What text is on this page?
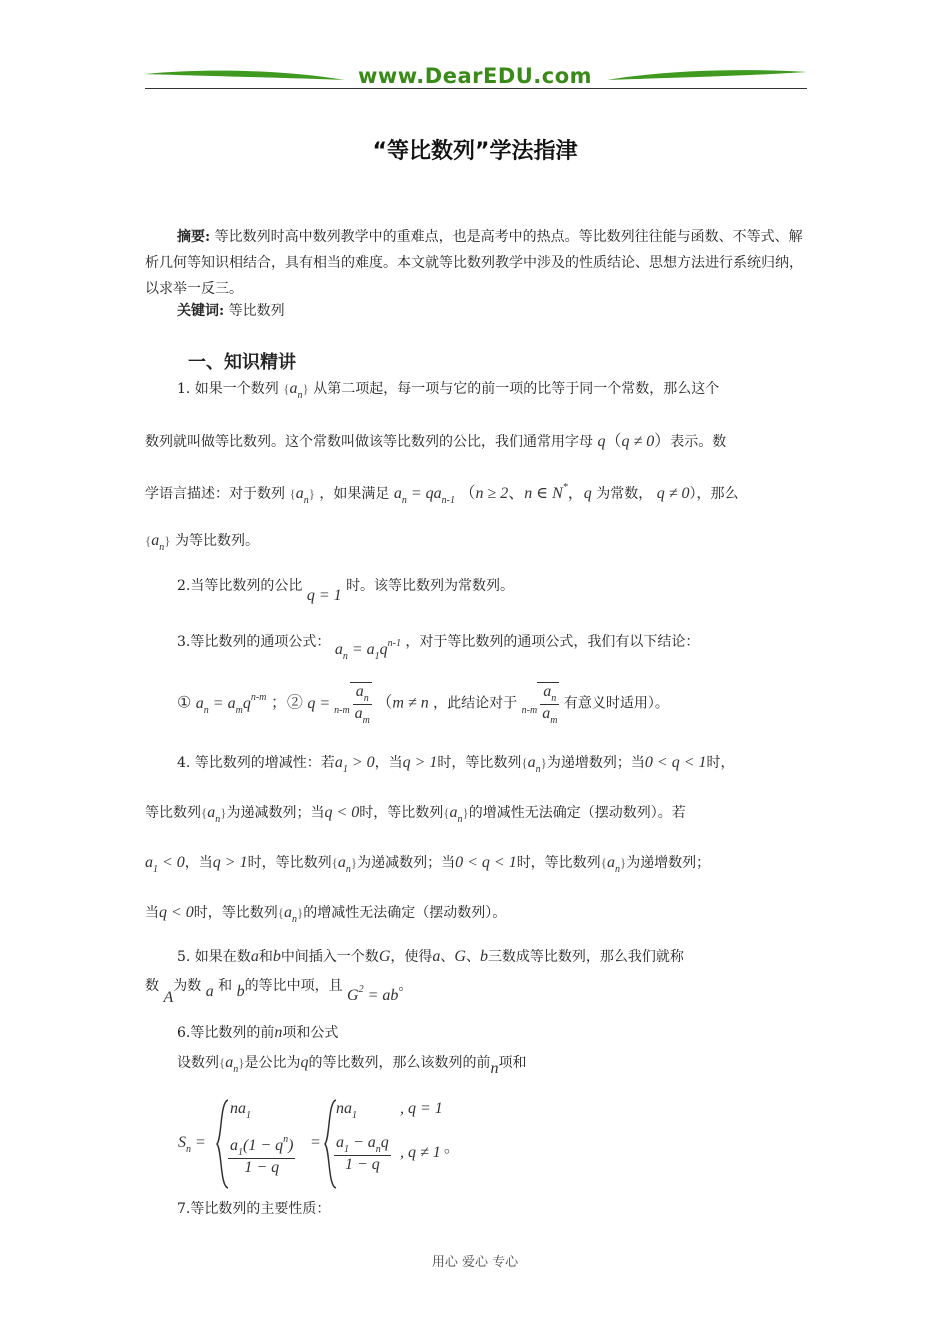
www.DearEDU.com
“等比数列”学法指津
摘要: 等比数列时高中数列教学中的重难点，也是高考中的热点。等比数列往往能与函数、不等式、解析几何等知识相结合，具有相当的难度。本文就等比数列教学中涉及的性质结论、思想方法进行系统归纳，以求举一反三。
关键词: 等比数列
一、知识精讲
1. 如果一个数列 $\{a_n\}$ 从第二项起，每一项与它的前一项的比等于同一个常数，那么这个
数列就叫做等比数列。这个常数叫做该等比数列的公比，我们通常用字母 q（q ≠ 0）表示。数
学语言描述：对于数列 $\{a_n\}$ ，如果满足 $a_n = qa_{n-1}$ （n ≥ 2、n ∈ N*，q 为常数， q ≠ 0），那么
$\{a_n\}$ 为等比数列。
2.当等比数列的公比 q = 1 时。该等比数列为常数列。
3.等比数列的通项公式： $a_n = a_1q^{n-1}$ ，对于等比数列的通项公式，我们有以下结论：
① $a_n = a_mq^{n-m}$ ；② $q = _{n-m} \frac{a_n}{a_m} (m \ne n$ ，此结论对于 $_{n-m} \frac{a_n}{a_m}$ 有意义时适用）。
4. 等比数列的增减性：若$a_1 > 0$，当q > 1时，等比数列$\{a_n\}$为递增数列；当0 < q < 1时，
等比数列$\{a_n\}$为递减数列；当q < 0时，等比数列$\{a_n\}$的增减性无法确定（摆动数列）。若
$a_1 < 0$，当q > 1时，等比数列$\{a_n\}$为递减数列；当0 < q < 1时，等比数列$\{a_n\}$为递增数列；
当q < 0时，等比数列$\{a_n\}$的增减性无法确定（摆动数列）。
5. 如果在数a和b中间插入一个数G，使得a、G、b三数成等比数列，那么我们就称
数 A为数 a 和 b的等比中项，且 $G^2$ = ab。
6.等比数列的前n项和公式
设数列$\{a_n\}$是公比为q的等比数列，那么该数列的前n项和
$S_n$ =
$na_1$
$\frac{a_1(1 - q^n)}{1 - q}$ =
$na_1$	, q = 1
$a_1 - a_nq$
1 − q
, q ≠ 1 。
7.等比数列的主要性质：
用心 爱心 专心
